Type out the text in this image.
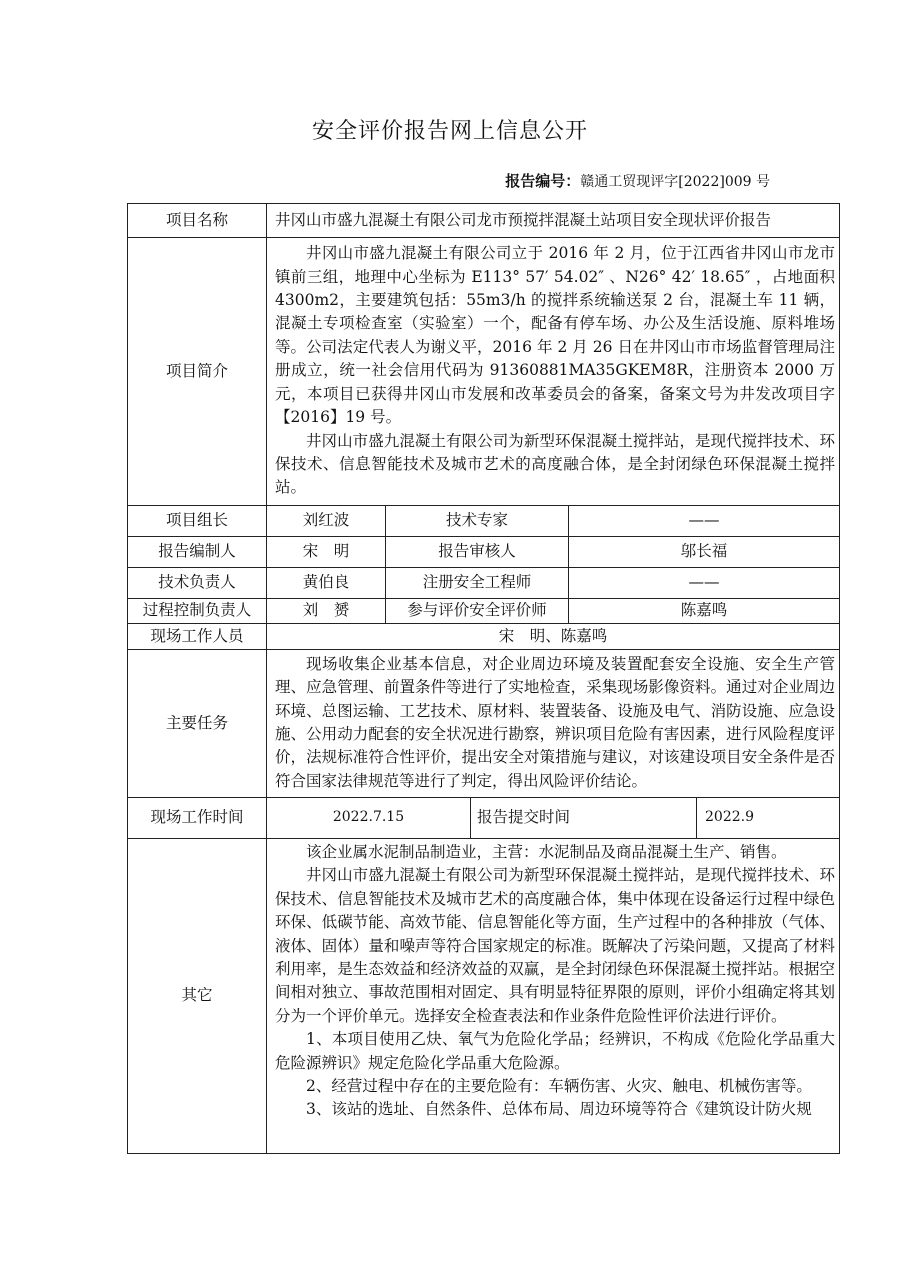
安全评价报告网上信息公开
报告编号：赣通工贸现评字[2022]009 号
项目名称	井冈山市盛九混凝土有限公司龙市预搅拌混凝土站项目安全现状评价报告				
项目简介	井冈山市盛九混凝土有限公司立于 2016 年 2 月，位于江西省井冈山市龙市镇前三组，地理中心坐标为 E113° 57′ 54.02″ 、N26° 42′ 18.65″ ，占地面积 4300m2，主要建筑包括：55m3/h 的搅拌系统输送泵 2 台，混凝土车 11 辆，混凝土专项检查室（实验室）一个，配备有停车场、办公及生活设施、原料堆场等。公司法定代表人为谢义平，2016 年 2 月 26 日在井冈山市市场监督管理局注册成立，统一社会信用代码为 91360881MA35GKEM8R，注册资本 2000 万元，本项目已获得井冈山市发展和改革委员会的备案，备案文号为井发改项目字【2016】19 号。

井冈山市盛九混凝土有限公司为新型环保混凝土搅拌站，是现代搅拌技术、环保技术、信息智能技术及城市艺术的高度融合体，是全封闭绿色环保混凝土搅拌站。				

项目组长	刘红波	技术专家		——	
报告编制人	宋　明	报告审核人		邬长福	
技术负责人	黄伯良	注册安全工程师		——	
过程控制负责人	刘　赟	参与评价安全评价师		陈嘉鸣	
现场工作人员	宋　明、陈嘉鸣				
主要任务	现场收集企业基本信息，对企业周边环境及装置配套安全设施、安全生产管理、应急管理、前置条件等进行了实地检查，采集现场影像资料。通过对企业周边环境、总图运输、工艺技术、原材料、装置装备、设施及电气、消防设施、应急设施、公用动力配套的安全状况进行勘察，辨识项目危险有害因素，进行风险程度评价，法规标准符合性评价，提出安全对策措施与建议，对该建设项目安全条件是否符合国家法律规范等进行了判定，得出风险评价结论。				

现场工作时间	2022.7.15		报告提交时间		2022.9
其它	该企业属水泥制品制造业，主营：水泥制品及商品混凝土生产、销售。

井冈山市盛九混凝土有限公司为新型环保混凝土搅拌站，是现代搅拌技术、环保技术、信息智能技术及城市艺术的高度融合体，集中体现在设备运行过程中绿色环保、低碳节能、高效节能、信息智能化等方面，生产过程中的各种排放（气体、液体、固体）量和噪声等符合国家规定的标准。既解决了污染问题，又提高了材料利用率，是生态效益和经济效益的双赢，是全封闭绿色环保混凝土搅拌站。根据空间相对独立、事故范围相对固定、具有明显特征界限的原则，评价小组确定将其划分为一个评价单元。选择安全检查表法和作业条件危险性评价法进行评价。

1、本项目使用乙炔、氧气为危险化学品；经辨识，不构成《危险化学品重大危险源辨识》规定危险化学品重大危险源。

2、经营过程中存在的主要危险有：车辆伤害、火灾、触电、机械伤害等。

3、该站的选址、自然条件、总体布局、周边环境等符合《建筑设计防火规				
